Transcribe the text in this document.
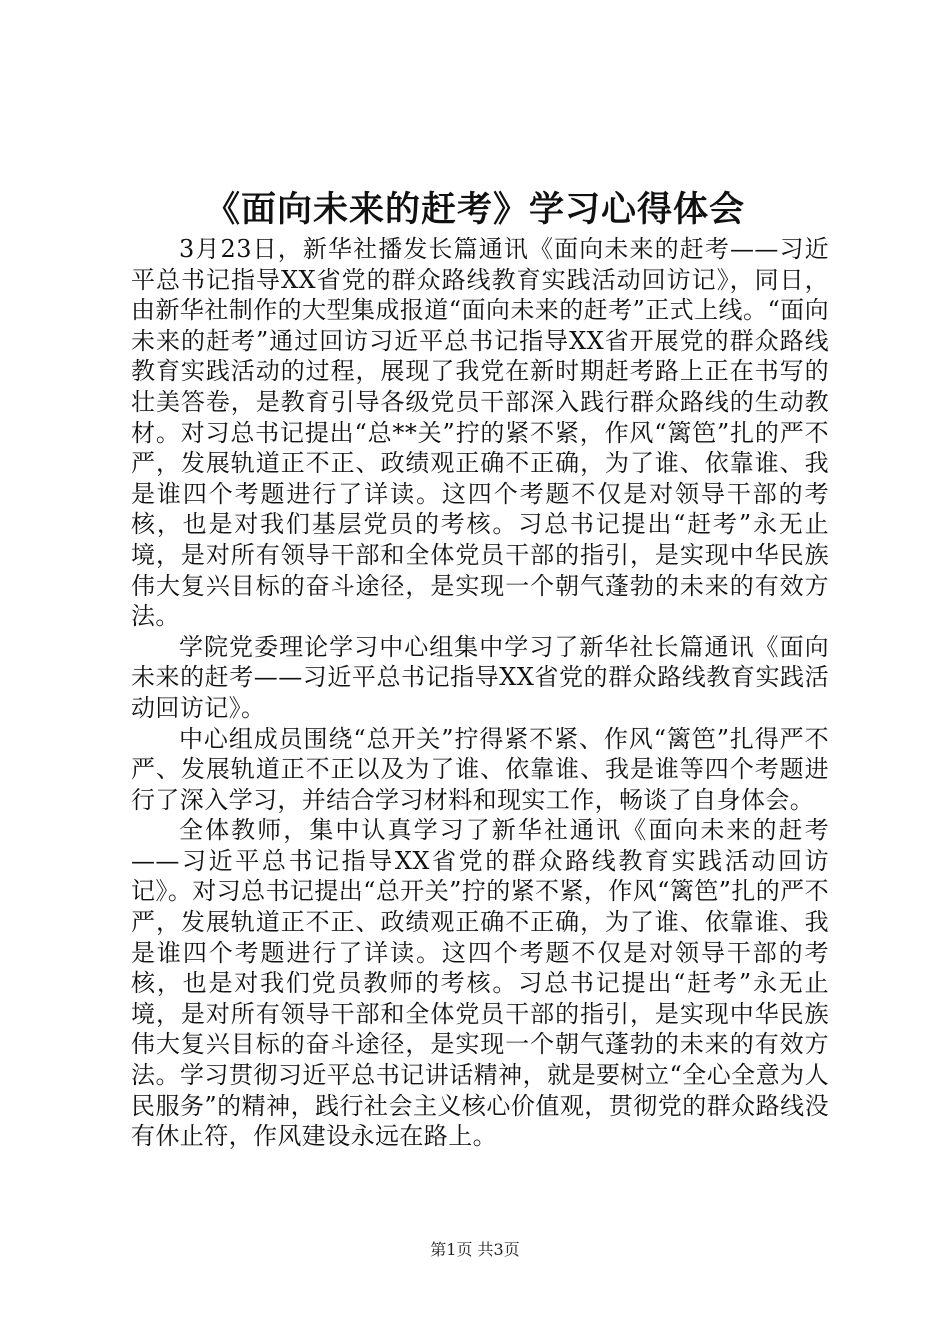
《面向未来的赶考》学习心得体会

3月23日，新华社播发长篇通讯《面向未来的赶考——习近平总书记指导XX省党的群众路线教育实践活动回访记》，同日，由新华社制作的大型集成报道“面向未来的赶考”正式上线。“面向未来的赶考”通过回访习近平总书记指导XX省开展党的群众路线教育实践活动的过程，展现了我党在新时期赶考路上正在书写的壮美答卷，是教育引导各级党员干部深入践行群众路线的生动教材。对习总书记提出“总**关”拧的紧不紧，作风“篱笆”扎的严不严，发展轨道正不正、政绩观正确不正确，为了谁、依靠谁、我是谁四个考题进行了详读。这四个考题不仅是对领导干部的考核，也是对我们基层党员的考核。习总书记提出“赶考”永无止境，是对所有领导干部和全体党员干部的指引，是实现中华民族伟大复兴目标的奋斗途径，是实现一个朝气蓬勃的未来的有效方法。

学院党委理论学习中心组集中学习了新华社长篇通讯《面向未来的赶考——习近平总书记指导XX省党的群众路线教育实践活动回访记》。

中心组成员围绕“总开关”拧得紧不紧、作风“篱笆”扎得严不严、发展轨道正不正以及为了谁、依靠谁、我是谁等四个考题进行了深入学习，并结合学习材料和现实工作，畅谈了自身体会。

全体教师，集中认真学习了新华社通讯《面向未来的赶考——习近平总书记指导XX省党的群众路线教育实践活动回访记》。对习总书记提出“总开关”拧的紧不紧，作风“篱笆”扎的严不严，发展轨道正不正、政绩观正确不正确，为了谁、依靠谁、我是谁四个考题进行了详读。这四个考题不仅是对领导干部的考核，也是对我们党员教师的考核。习总书记提出“赶考”永无止境，是对所有领导干部和全体党员干部的指引，是实现中华民族伟大复兴目标的奋斗途径，是实现一个朝气蓬勃的未来的有效方法。学习贯彻习近平总书记讲话精神，就是要树立“全心全意为人民服务”的精神，践行社会主义核心价值观，贯彻党的群众路线没有休止符，作风建设永远在路上。

第1页 共3页
